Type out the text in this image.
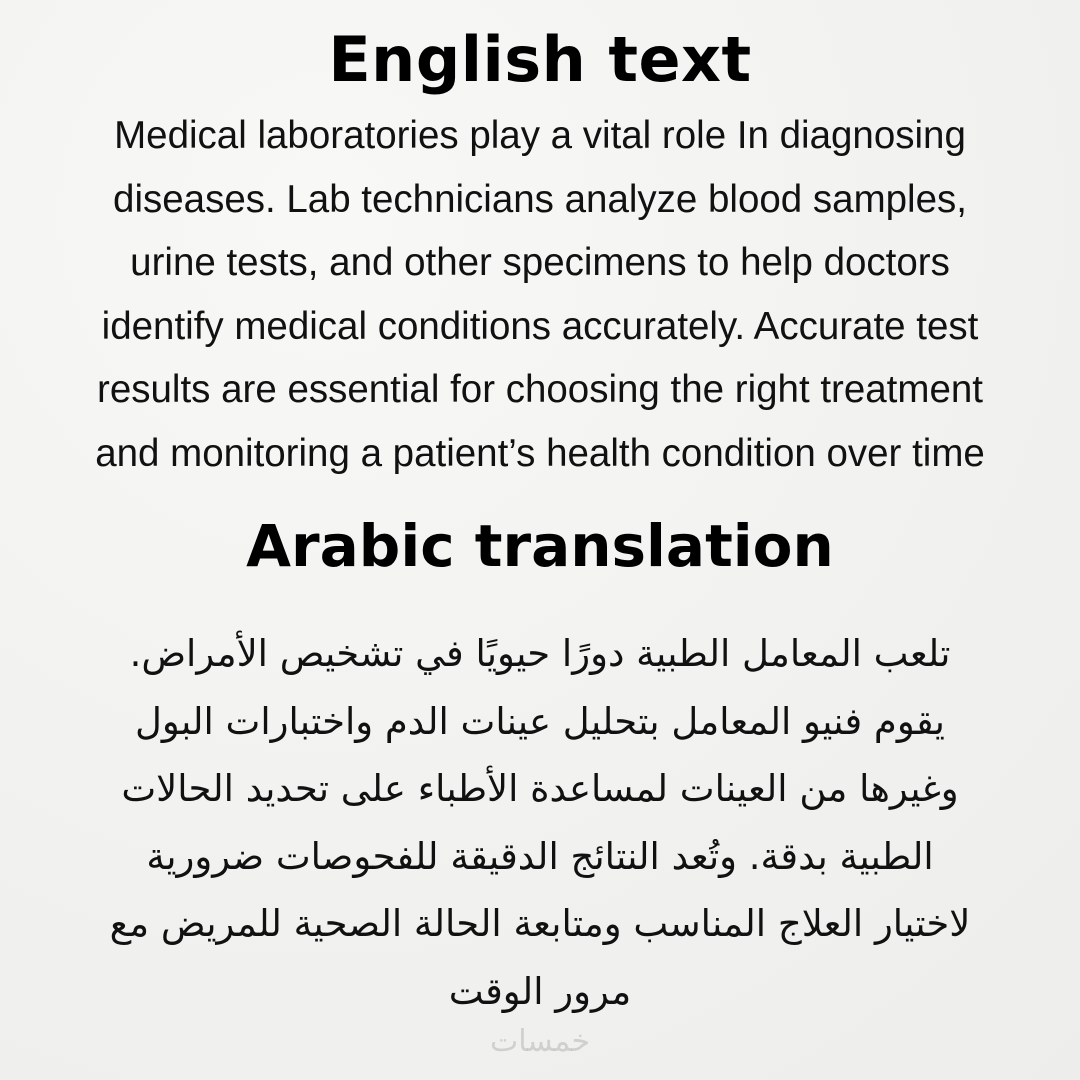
English text
Medical laboratories play a vital role In diagnosing
diseases. Lab technicians analyze blood samples,
urine tests, and other specimens to help doctors
identify medical conditions accurately. Accurate test
results are essential for choosing the right treatment
and monitoring a patient’s health condition over time
Arabic translation
تلعب المعامل الطبية دورًا حيويًا في تشخيص الأمراض.
يقوم فنيو المعامل بتحليل عينات الدم واختبارات البول
وغيرها من العينات لمساعدة الأطباء على تحديد الحالات
الطبية بدقة. وتُعد النتائج الدقيقة للفحوصات ضرورية
لاختيار العلاج المناسب ومتابعة الحالة الصحية للمريض مع
مرور الوقت
خمسات
